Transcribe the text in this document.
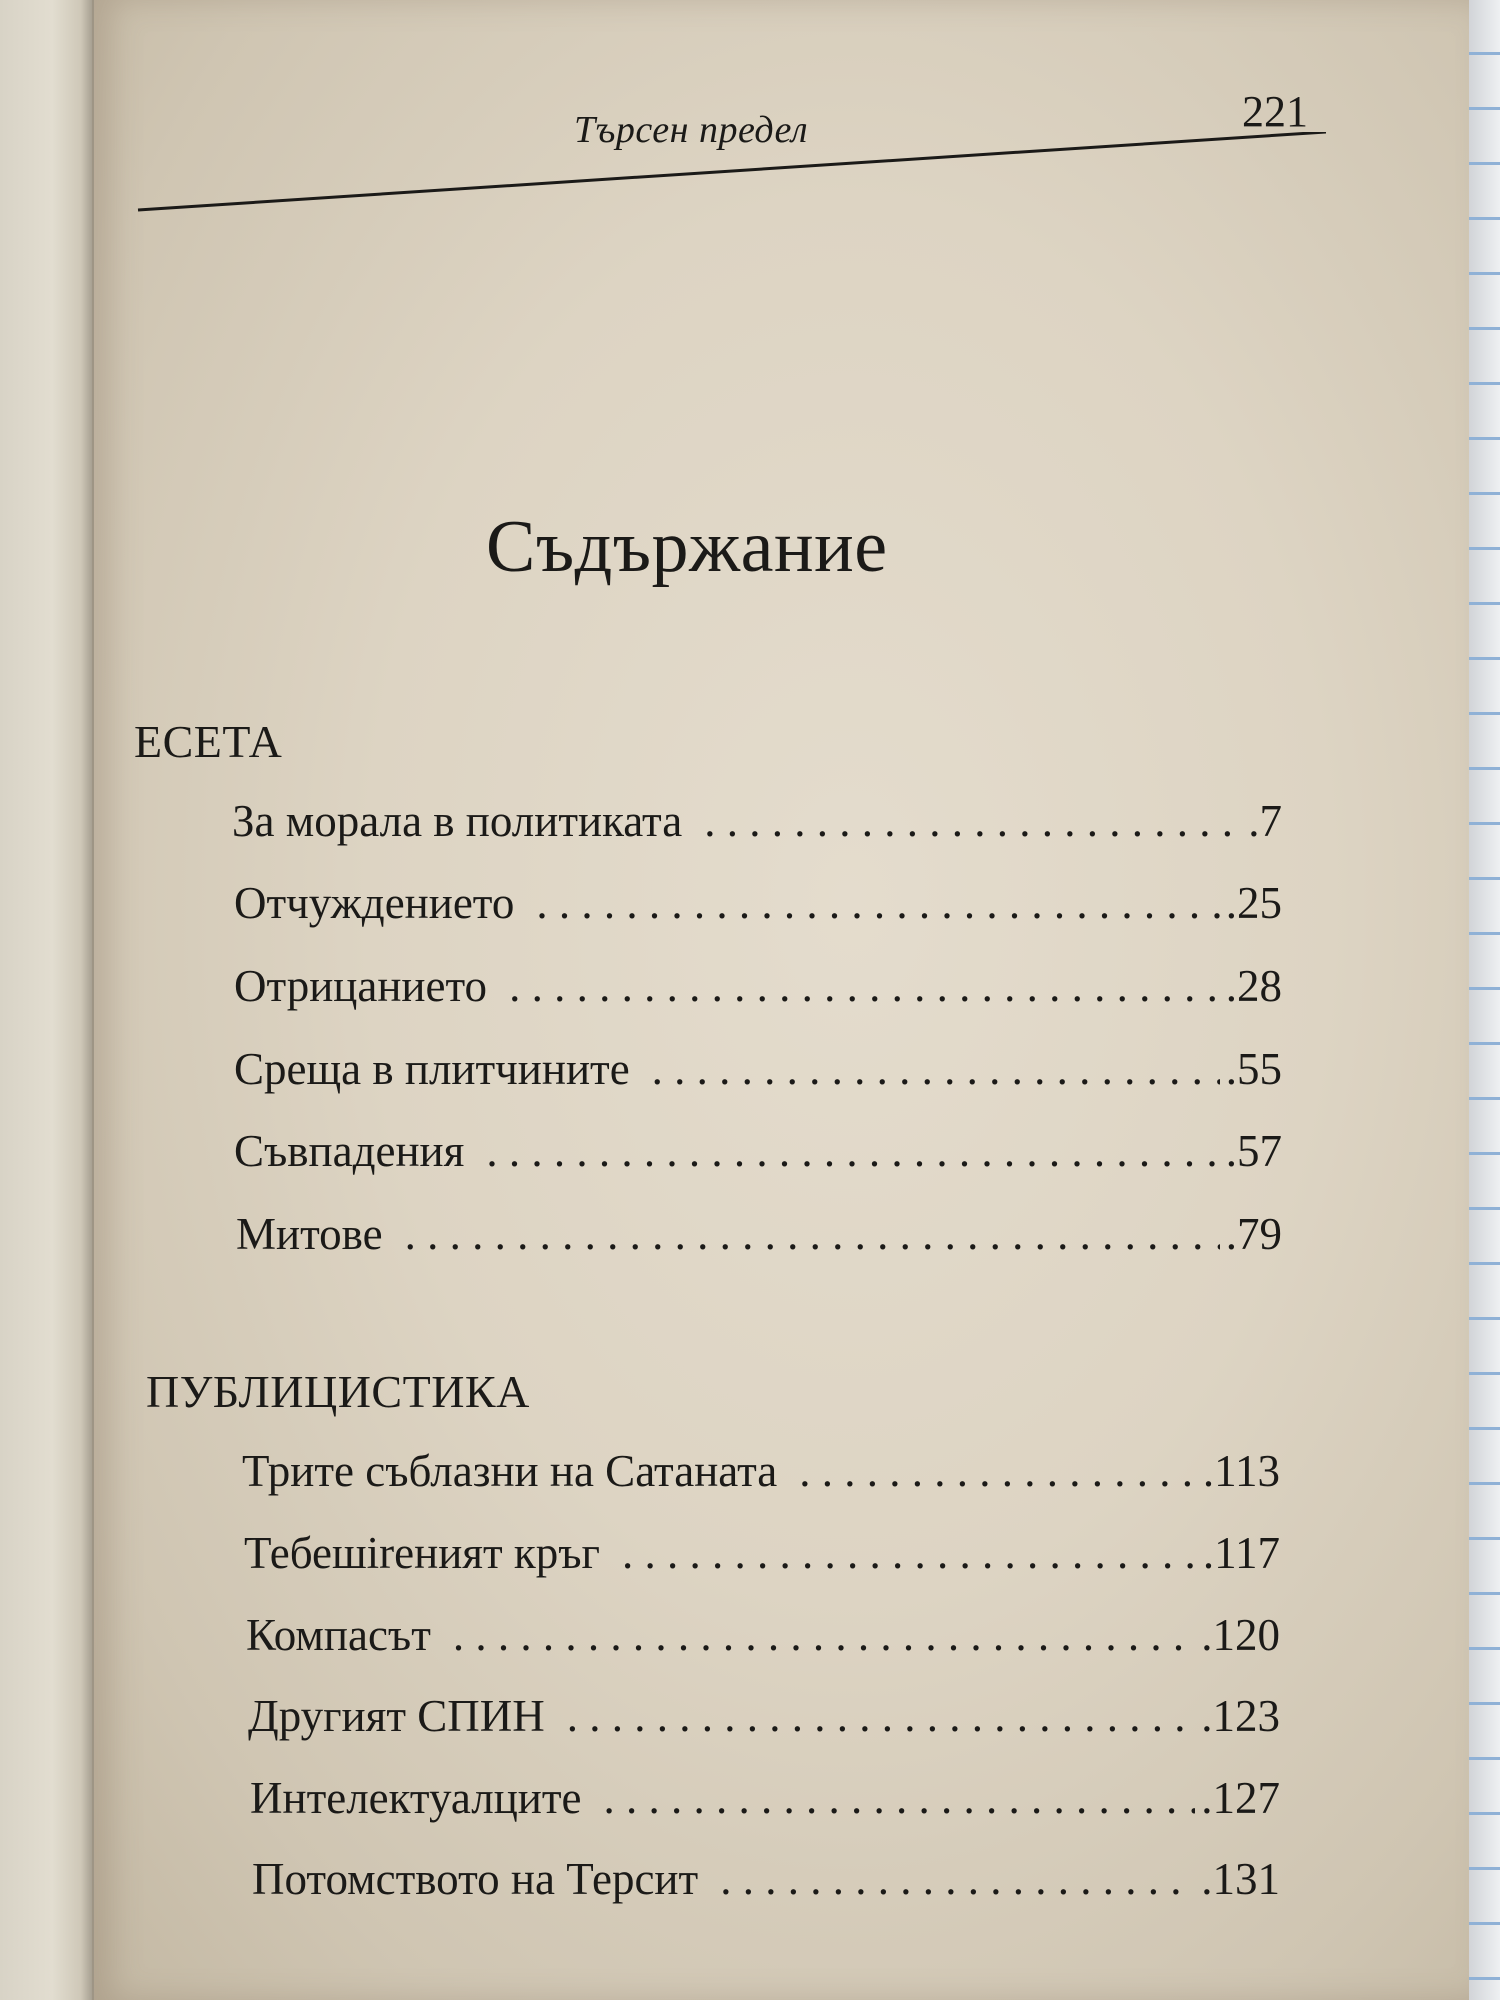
Търсен предел	221
Съдържание
ЕСЕТА
За морала в политиката . . .	.7
Отчуждението . . .	.25
Отрицанието . . .	.28
Среща в плитчините . . .	.55
Съвпадения . . .	.57
Митове . . .	.79
ПУБЛИЦИСТИКА
Трите съблазни на Сатаната . . .	.113
Тебешireният кръг . . .	.117
Компасът . . .	.120
Другият СПИН . . .	.123
Интелектуалците . . .	.127
Потомството на Терсит . . .	.131
